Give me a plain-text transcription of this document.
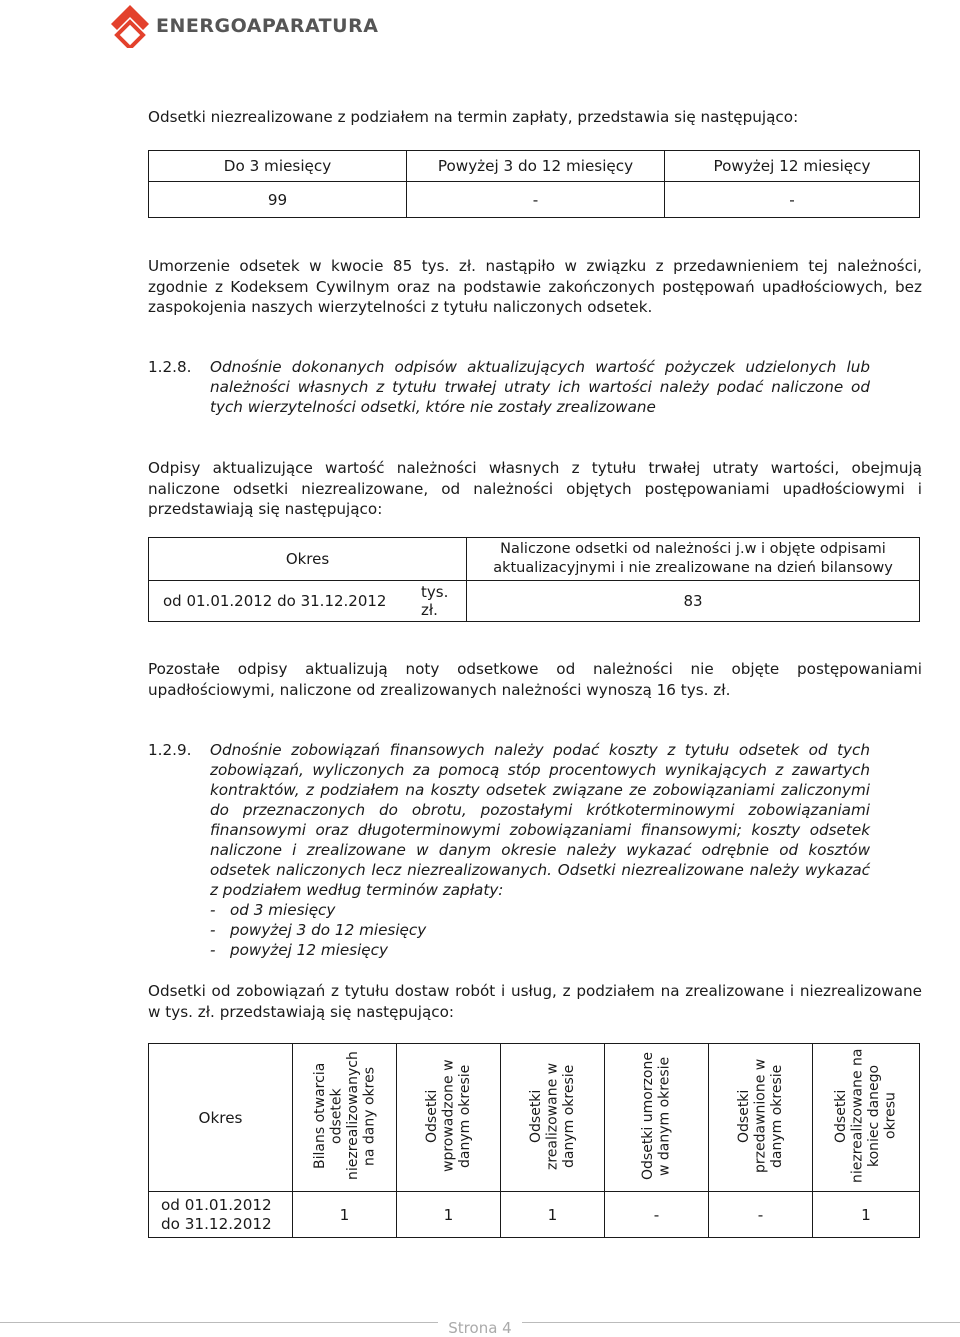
ENERGOAPARATURA
Odsetki niezrealizowane z podziałem na termin zapłaty, przedstawia się następująco:
Do 3 miesięcy	Powyżej 3 do 12 miesięcy	Powyżej 12 miesięcy
99	-	-
Umorzenie odsetek w kwocie 85 tys. zł. nastąpiło w związku z przedawnieniem tej należności, zgodnie z Kodeksem Cywilnym oraz na podstawie zakończonych postępowań upadłościowych, bez zaspokojenia naszych wierzytelności z tytułu naliczonych odsetek.
1.2.8. Odnośnie dokonanych odpisów aktualizujących wartość pożyczek udzielonych lub należności własnych z tytułu trwałej utraty ich wartości należy podać naliczone od tych wierzytelności odsetki, które nie zostały zrealizowane
Odpisy aktualizujące wartość należności własnych z tytułu trwałej utraty wartości, obejmują naliczone odsetki niezrealizowane, od należności objętych postępowaniami upadłościowymi i przedstawiają się następująco:
Okres		Naliczone odsetki od należności j.w i objęte odpisami aktualizacyjnymi i nie zrealizowane na dzień bilansowy
od 01.01.2012 do 31.12.2012	tys. zł.	83
Pozostałe odpisy aktualizują noty odsetkowe od należności nie objęte postępowaniami upadłościowymi, naliczone od zrealizowanych należności wynoszą 16 tys. zł.
1.2.9. Odnośnie zobowiązań finansowych należy podać koszty z tytułu odsetek od tych zobowiązań, wyliczonych za pomocą stóp procentowych wynikających z zawartych kontraktów, z podziałem na koszty odsetek związane ze zobowiązaniami zaliczonymi do przeznaczonych do obrotu, pozostałymi krótkoterminowymi zobowiązaniami finansowymi oraz długoterminowymi zobowiązaniami finansowymi; koszty odsetek naliczone i zrealizowane w danym okresie należy wykazać odrębnie od kosztów odsetek naliczonych lecz niezrealizowanych. Odsetki niezrealizowane należy wykazać z podziałem według terminów zapłaty:
-   od 3 miesięcy
-   powyżej 3 do 12 miesięcy
-   powyżej 12 miesięcy
Odsetki od zobowiązań z tytułu dostaw robót i usług, z podziałem na zrealizowane i niezrealizowane w tys. zł. przedstawiają się następująco:
Okres	Bilans otwarcia odsetek niezrealizowanych na dany okres	Odsetki wprowadzone w danym okresie	Odsetki zrealizowane w danym okresie	Odsetki umorzone w danym okresie	Odsetki przedawnione w danym okresie	Odsetki niezrealizowane na koniec danego okresu
od 01.01.2012 do 31.12.2012	1	1	1	-	-	1
Strona 4
